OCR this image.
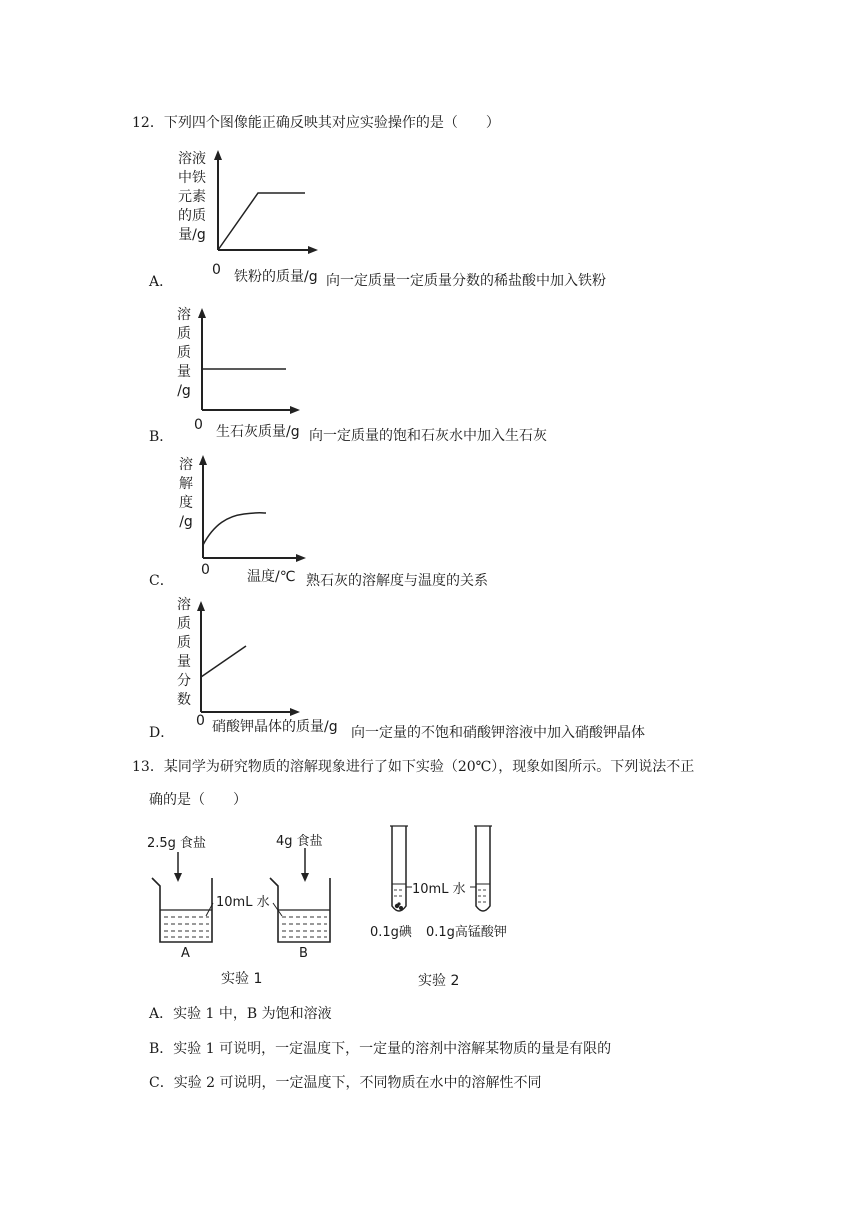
12．下列四个图像能正确反映其对应实验操作的是（　　）
溶液
中铁
元素
的质
量/g
0 铁粉的质量/g
A．	向一定质量一定质量分数的稀盐酸中加入铁粉
溶
质
质
量
/g
0 生石灰质量/g
B．	向一定质量的饱和石灰水中加入生石灰
溶
解
度
/g
0	温度/℃
C．	熟石灰的溶解度与温度的关系
溶
质
质
量
分
数
0 硝酸钾晶体的质量/g
D．	向一定量的不饱和硝酸钾溶液中加入硝酸钾晶体
13．某同学为研究物质的溶解现象进行了如下实验（20℃），现象如图所示。下列说法不正
确的是（　　）
2.5g 食盐	4g 食盐
10mL 水
A	B
实验 1
10mL 水
0.1g碘 0.1g高锰酸钾
实验 2
A．实验 1 中，B 为饱和溶液
B．实验 1 可说明，一定温度下，一定量的溶剂中溶解某物质的量是有限的
C．实验 2 可说明，一定温度下，不同物质在水中的溶解性不同
